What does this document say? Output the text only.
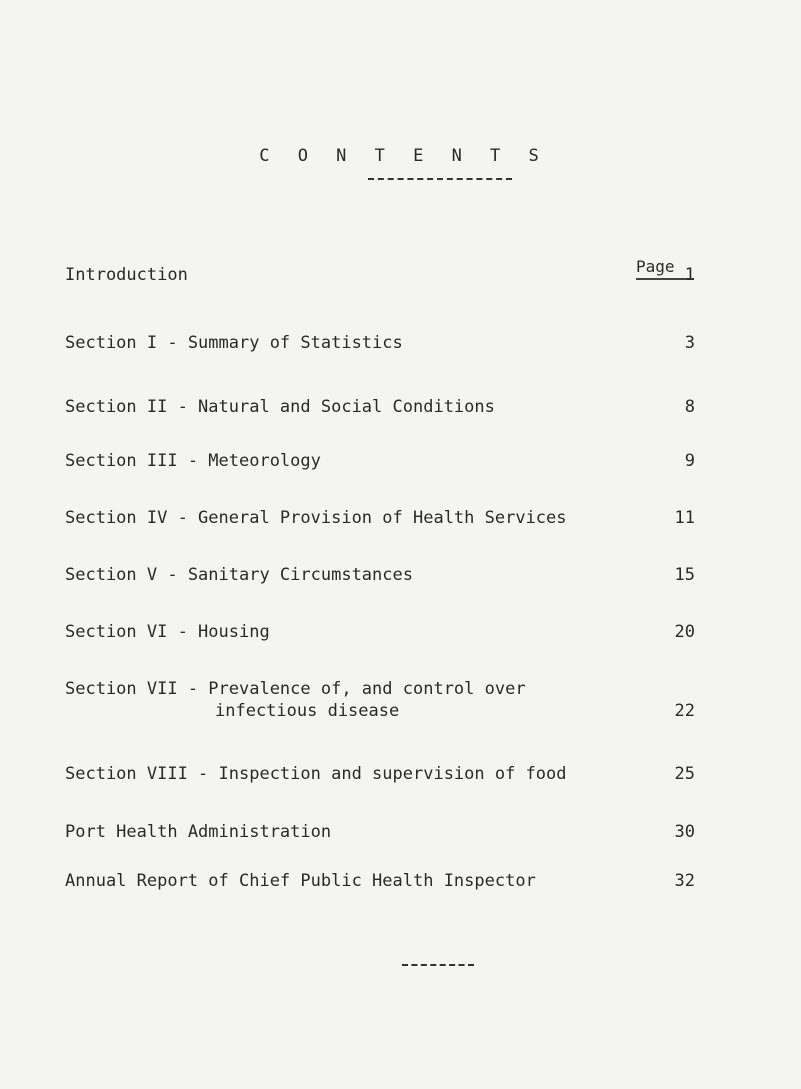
C O N T E N T S
Page
Introduction	1
Section I - Summary of Statistics	3
Section II - Natural and Social Conditions	8
Section III - Meteorology	9
Section IV - General Provision of Health Services	11
Section V - Sanitary Circumstances	15
Section VI - Housing	20
Section VII - Prevalence of, and control over
infectious disease	22
Section VIII - Inspection and supervision of food	25
Port Health Administration	30
Annual Report of Chief Public Health Inspector	32
